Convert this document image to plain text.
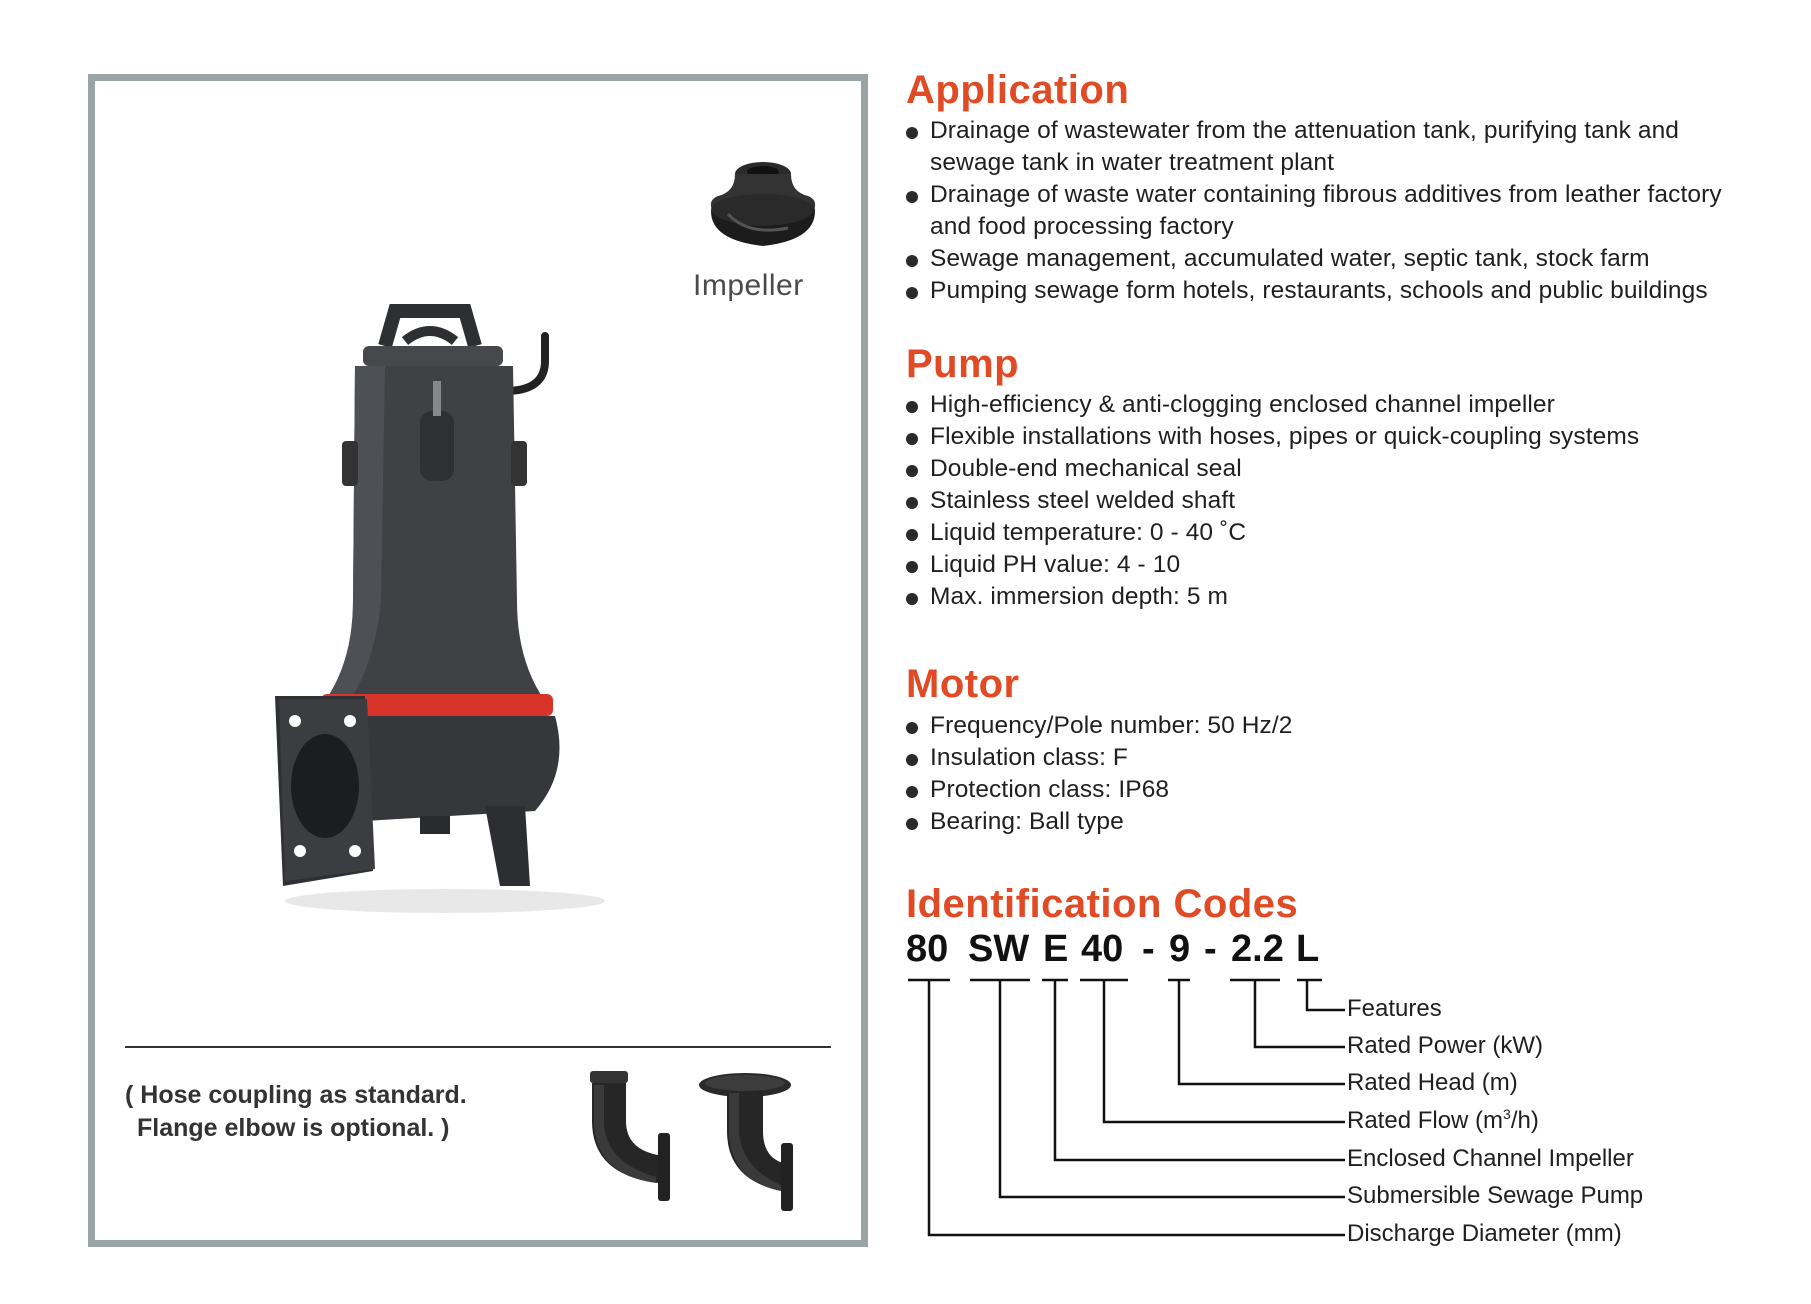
Impeller
( Hose coupling as standard.
Flange elbow is optional. )
Application
Drainage of wastewater from the attenuation tank, purifying tank and sewage tank in water treatment plant
Drainage of waste water containing fibrous additives from leather factory and food processing factory
Sewage management, accumulated water, septic tank, stock farm
Pumping sewage form hotels, restaurants, schools and public buildings
Pump
High-efficiency & anti-clogging enclosed channel impeller
Flexible installations with hoses, pipes or quick-coupling systems
Double-end mechanical seal
Stainless steel welded shaft
Liquid temperature: 0 - 40 ˚C
Liquid PH value: 4 - 10
Max. immersion depth: 5 m
Motor
Frequency/Pole number: 50 Hz/2
Insulation class: F
Protection class: IP68
Bearing: Ball type
Identification Codes
80 SW E 40 - 9 - 2.2 L
Features
Rated Power (kW)
Rated Head (m)
Rated Flow $(m^3/h)$
Enclosed Channel Impeller
Submersible Sewage Pump
Discharge Diameter (mm)
